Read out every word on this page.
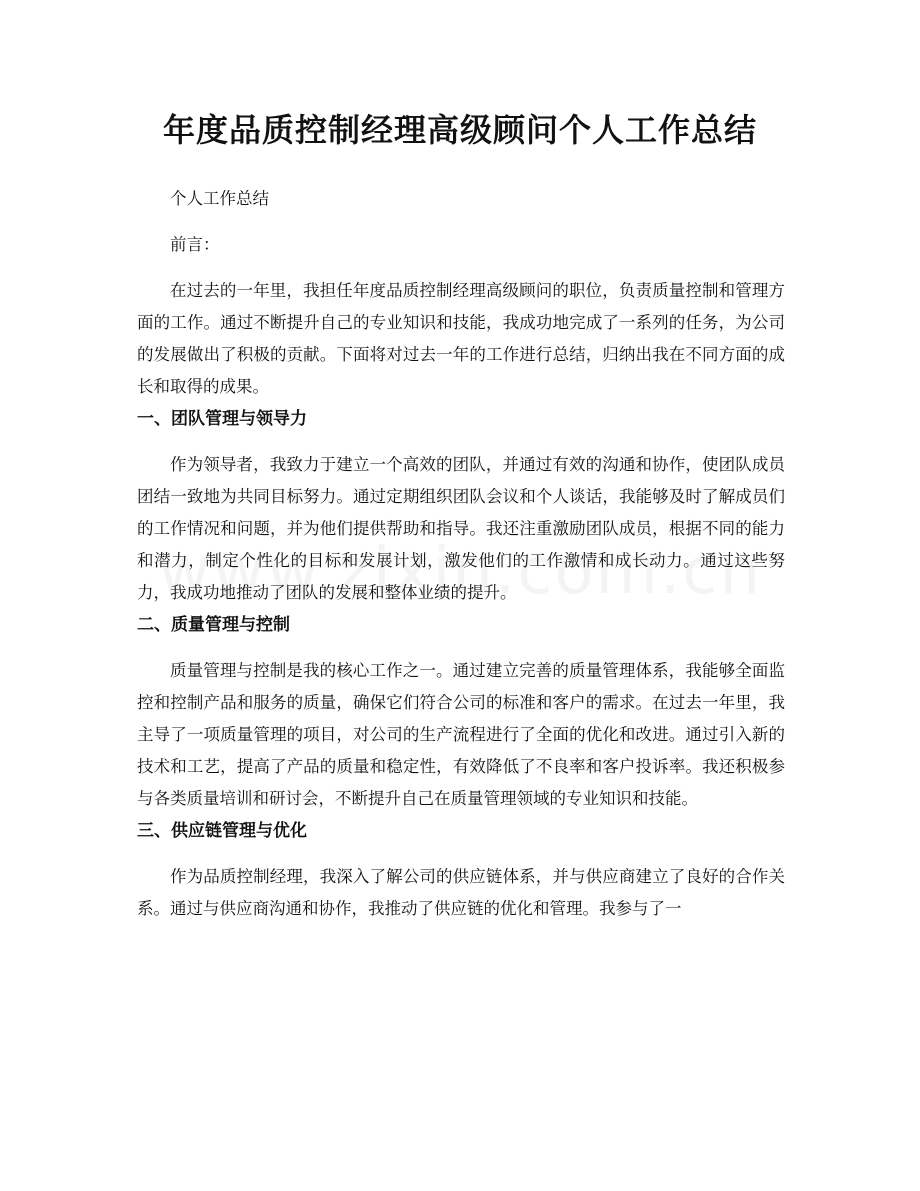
年度品质控制经理高级顾问个人工作总结

个人工作总结

前言：

在过去的一年里，我担任年度品质控制经理高级顾问的职位，负责质量控制和管理方面的工作。通过不断提升自己的专业知识和技能，我成功地完成了一系列的任务，为公司的发展做出了积极的贡献。下面将对过去一年的工作进行总结，归纳出我在不同方面的成长和取得的成果。

一、团队管理与领导力

作为领导者，我致力于建立一个高效的团队，并通过有效的沟通和协作，使团队成员团结一致地为共同目标努力。通过定期组织团队会议和个人谈话，我能够及时了解成员们的工作情况和问题，并为他们提供帮助和指导。我还注重激励团队成员，根据不同的能力和潜力，制定个性化的目标和发展计划，激发他们的工作激情和成长动力。通过这些努力，我成功地推动了团队的发展和整体业绩的提升。

二、质量管理与控制

质量管理与控制是我的核心工作之一。通过建立完善的质量管理体系，我能够全面监控和控制产品和服务的质量，确保它们符合公司的标准和客户的需求。在过去一年里，我主导了一项质量管理的项目，对公司的生产流程进行了全面的优化和改进。通过引入新的技术和工艺，提高了产品的质量和稳定性，有效降低了不良率和客户投诉率。我还积极参与各类质量培训和研讨会，不断提升自己在质量管理领域的专业知识和技能。

三、供应链管理与优化

作为品质控制经理，我深入了解公司的供应链体系，并与供应商建立了良好的合作关系。通过与供应商沟通和协作，我推动了供应链的优化和管理。我参与了一
